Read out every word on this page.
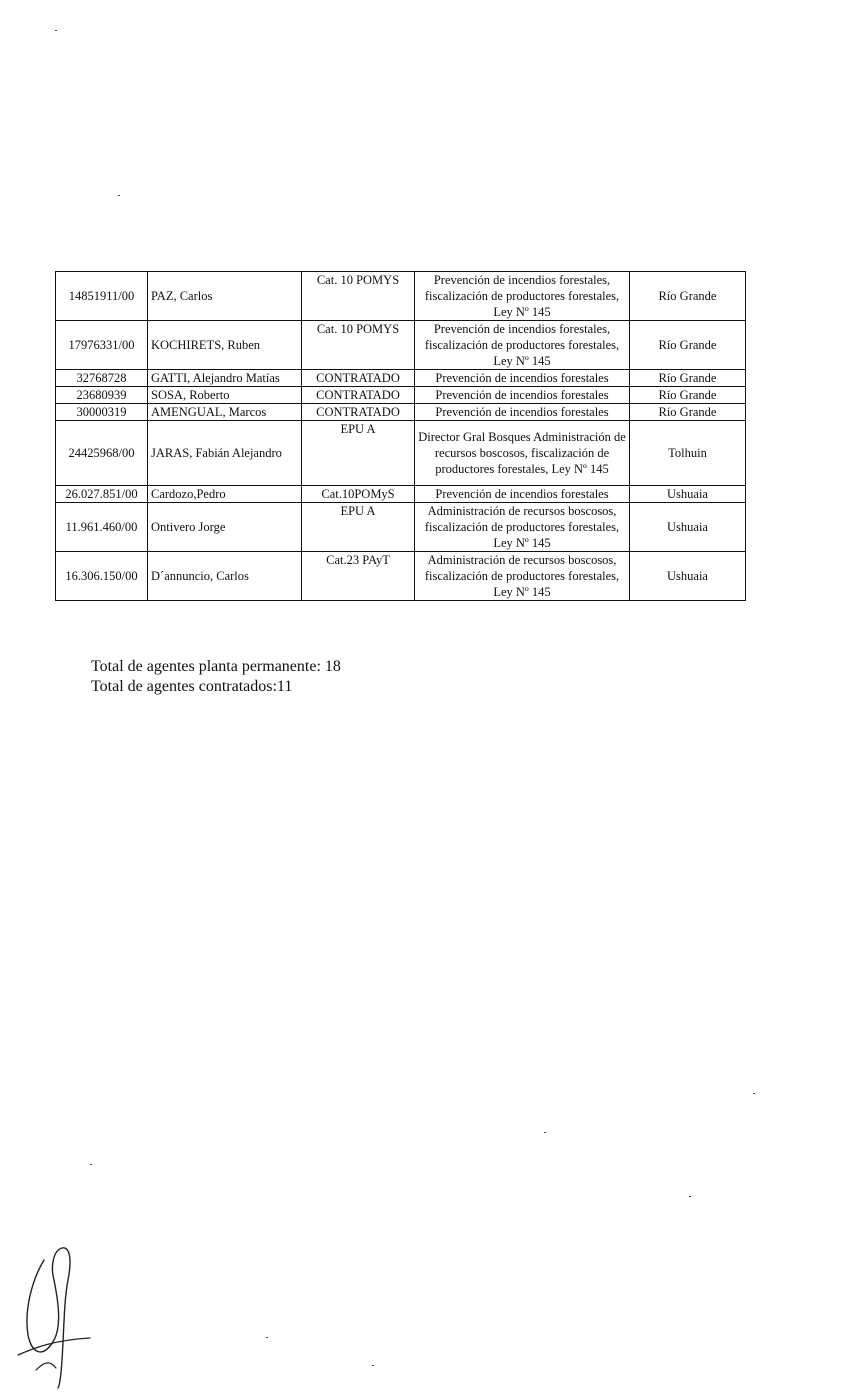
14851911/00	PAZ, Carlos	Cat. 10 POMYS	Prevención de incendios forestales, fiscalización de productores forestales, Ley Nº 145	Río Grande
17976331/00	KOCHIRETS, Ruben	Cat. 10 POMYS	Prevención de incendios forestales, fiscalización de productores forestales, Ley Nº 145	Río Grande
32768728	GATTI, Alejandro Matías	CONTRATADO	Prevención de incendios forestales	Río Grande
23680939	SOSA, Roberto	CONTRATADO	Prevención de incendios forestales	Río Grande
30000319	AMENGUAL, Marcos	CONTRATADO	Prevención de incendios forestales	Río Grande
24425968/00	JARAS, Fabián Alejandro	EPU A	Director Gral Bosques Administración de recursos boscosos, fiscalización de productores forestales, Ley Nº 145	Tolhuin
26.027.851/00	Cardozo,Pedro	Cat.10POMyS	Prevención de incendios forestales	Ushuaia
11.961.460/00	Ontivero Jorge	EPU A	Administración de recursos boscosos, fiscalización de productores forestales, Ley Nº 145	Ushuaia
16.306.150/00	D´annuncio, Carlos	Cat.23 PAyT	Administración de recursos boscosos, fiscalización de productores forestales, Ley Nº 145	Ushuaia
Total de agentes planta permanente: 18
Total de agentes contratados:11
